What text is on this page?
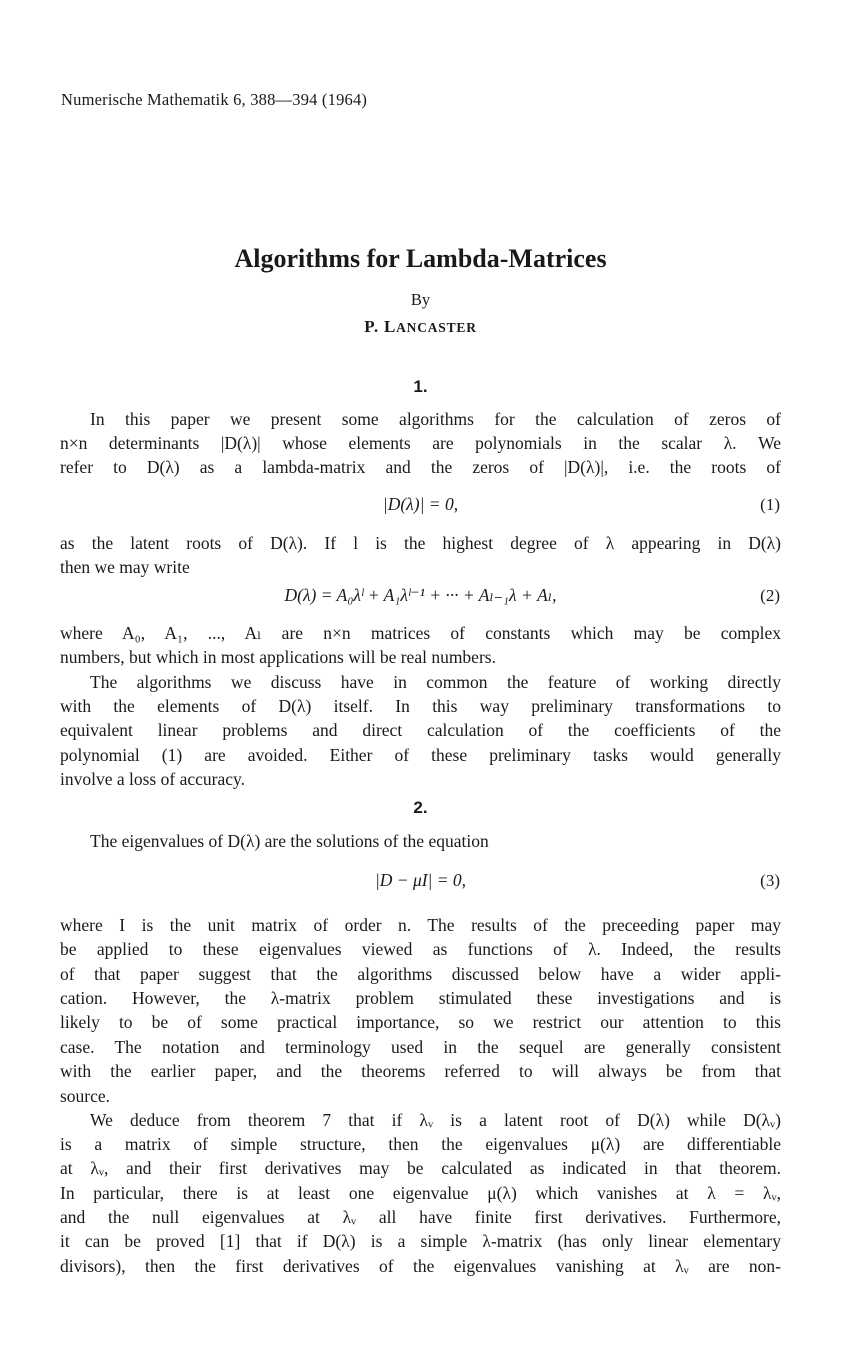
Numerische Mathematik 6, 388—394 (1964)
Algorithms for Lambda-Matrices
By
P. LANCASTER
1.
In this paper we present some algorithms for the calculation of zeros of
n×n determinants |D(λ)| whose elements are polynomials in the scalar λ. We
refer to D(λ) as a lambda-matrix and the zeros of |D(λ)|, i.e. the roots of
|D(λ)| = 0,	(1)
as the latent roots of D(λ). If l is the highest degree of λ appearing in D(λ)
then we may write
D(λ) = A₀λˡ + A₁λˡ⁻¹ + ··· + Aₗ₋₁λ + Aₗ,	(2)
where A₀, A₁, ..., Aₗ are n×n matrices of constants which may be complex
numbers, but which in most applications will be real numbers.
The algorithms we discuss have in common the feature of working directly
with the elements of D(λ) itself. In this way preliminary transformations to
equivalent linear problems and direct calculation of the coefficients of the
polynomial (1) are avoided. Either of these preliminary tasks would generally
involve a loss of accuracy.
2.
The eigenvalues of D(λ) are the solutions of the equation
|D − μI| = 0,	(3)
where I is the unit matrix of order n. The results of the preceeding paper may
be applied to these eigenvalues viewed as functions of λ. Indeed, the results
of that paper suggest that the algorithms discussed below have a wider appli-
cation. However, the λ-matrix problem stimulated these investigations and is
likely to be of some practical importance, so we restrict our attention to this
case. The notation and terminology used in the sequel are generally consistent
with the earlier paper, and the theorems referred to will always be from that
source.
We deduce from theorem 7 that if λᵥ is a latent root of D(λ) while D(λᵥ)
is a matrix of simple structure, then the eigenvalues μ(λ) are differentiable
at λᵥ, and their first derivatives may be calculated as indicated in that theorem.
In particular, there is at least one eigenvalue μ(λ) which vanishes at λ = λᵥ,
and the null eigenvalues at λᵥ all have finite first derivatives. Furthermore,
it can be proved [1] that if D(λ) is a simple λ-matrix (has only linear elementary
divisors), then the first derivatives of the eigenvalues vanishing at λᵥ are non-
